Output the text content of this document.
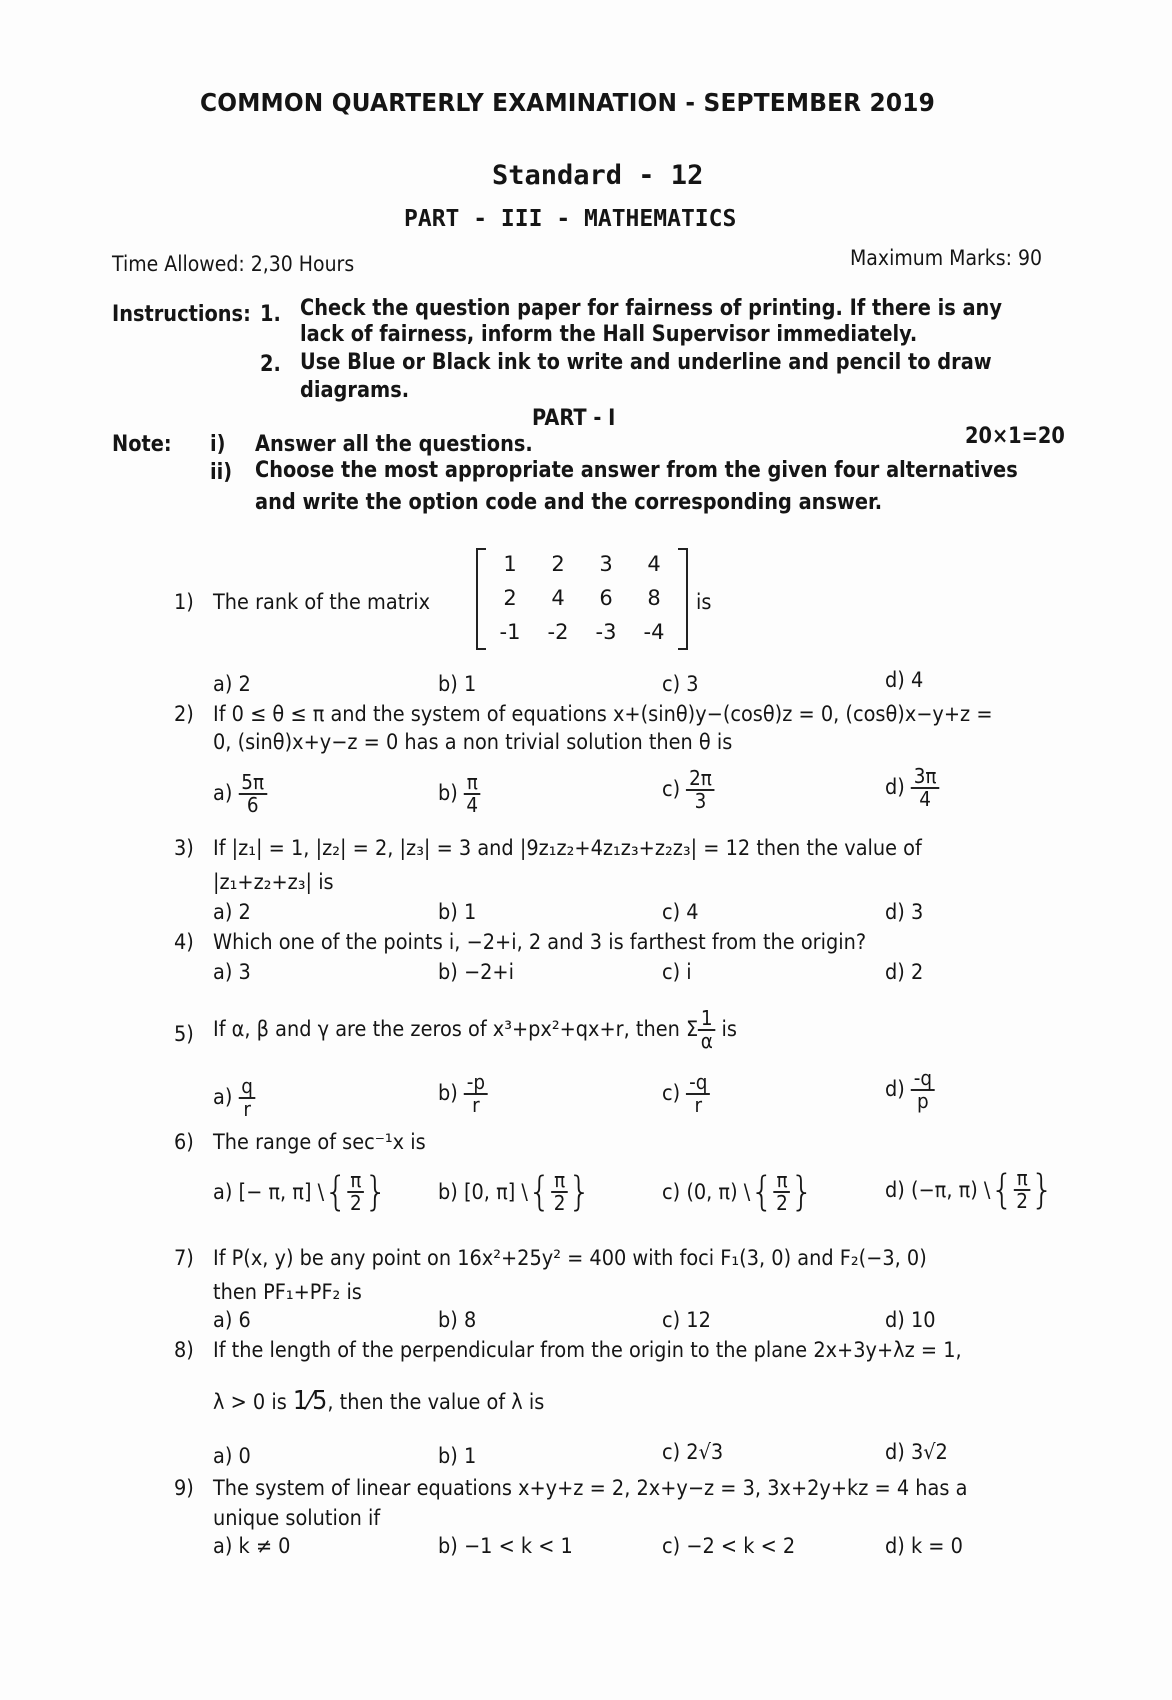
COMMON QUARTERLY EXAMINATION - SEPTEMBER 2019
Standard - 12
PART - III - MATHEMATICS
Time Allowed: 2,30 Hours	Maximum Marks: 90
Instructions: 1. Check the question paper for fairness of printing. If there is any
lack of fairness, inform the Hall Supervisor immediately.
2. Use Blue or Black ink to write and underline and pencil to draw
diagrams.
PART - I
Note: i) Answer all the questions.	20×1=20
ii) Choose the most appropriate answer from the given four alternatives
and write the option code and the corresponding answer.
1) The rank of the matrix
1 2 3 4
2 4 6 8
-1 -2 -3 -4
is
a) 2	b) 1	c) 3	d) 4
2) If 0 ≤ θ ≤ π and the system of equations x+(sinθ)y−(cosθ)z = 0, (cosθ)x−y+z =
0, (sinθ)x+y−z = 0 has a non trivial solution then θ is
$a) \frac{5\pi}{6}$	$b) \frac{\pi}{4}$	$c) \frac{2\pi}{3}$	$d) \frac{3\pi}{4}$
3) If |z₁| = 1, |z₂| = 2, |z₃| = 3 and |9z₁z₂+4z₁z₃+z₂z₃| = 12 then the value of
|z₁+z₂+z₃| is
a) 2	b) 1	c) 4	d) 3
4) Which one of the points i, −2+i, 2 and 3 is farthest from the origin?
a) 3	b) −2+i	c) i	d) 2
5) If α, β and γ are the zeros of x³+px²+qx+r, then Σ $\frac{1}{\alpha}$ is
$a) \frac{q}{r}$	$b) \frac{-p}{r}$	$c) \frac{-q}{r}$	$d) \frac{-q}{p}$
6) The range of sec⁻¹x is
a)
[− π, π] \ { $\frac{\pi}{2}$ } b)
[0, π] \ { $\frac{\pi}{2}$ }	c)
(0, π) \ { $\frac{\pi}{2}$ }	d)
(−π, π) \ { $\frac{\pi}{2}$ }
7) If P(x, y) be any point on 16x²+25y² = 400 with foci F₁(3, 0) and F₂(−3, 0)
then PF₁+PF₂ is
a) 6	b) 8	c) 12	d) 10
8) If the length of the perpendicular from the origin to the plane 2x+3y+λz = 1,
λ > 0 is 1⁄5, then the value of λ is
a) 0	b) 1	c) 2√3	d) 3√2
9) The system of linear equations x+y+z = 2, 2x+y−z = 3, 3x+2y+kz = 4 has a
unique solution if
a) k ≠ 0	b) −1 < k < 1	c) −2 < k < 2	d) k = 0
